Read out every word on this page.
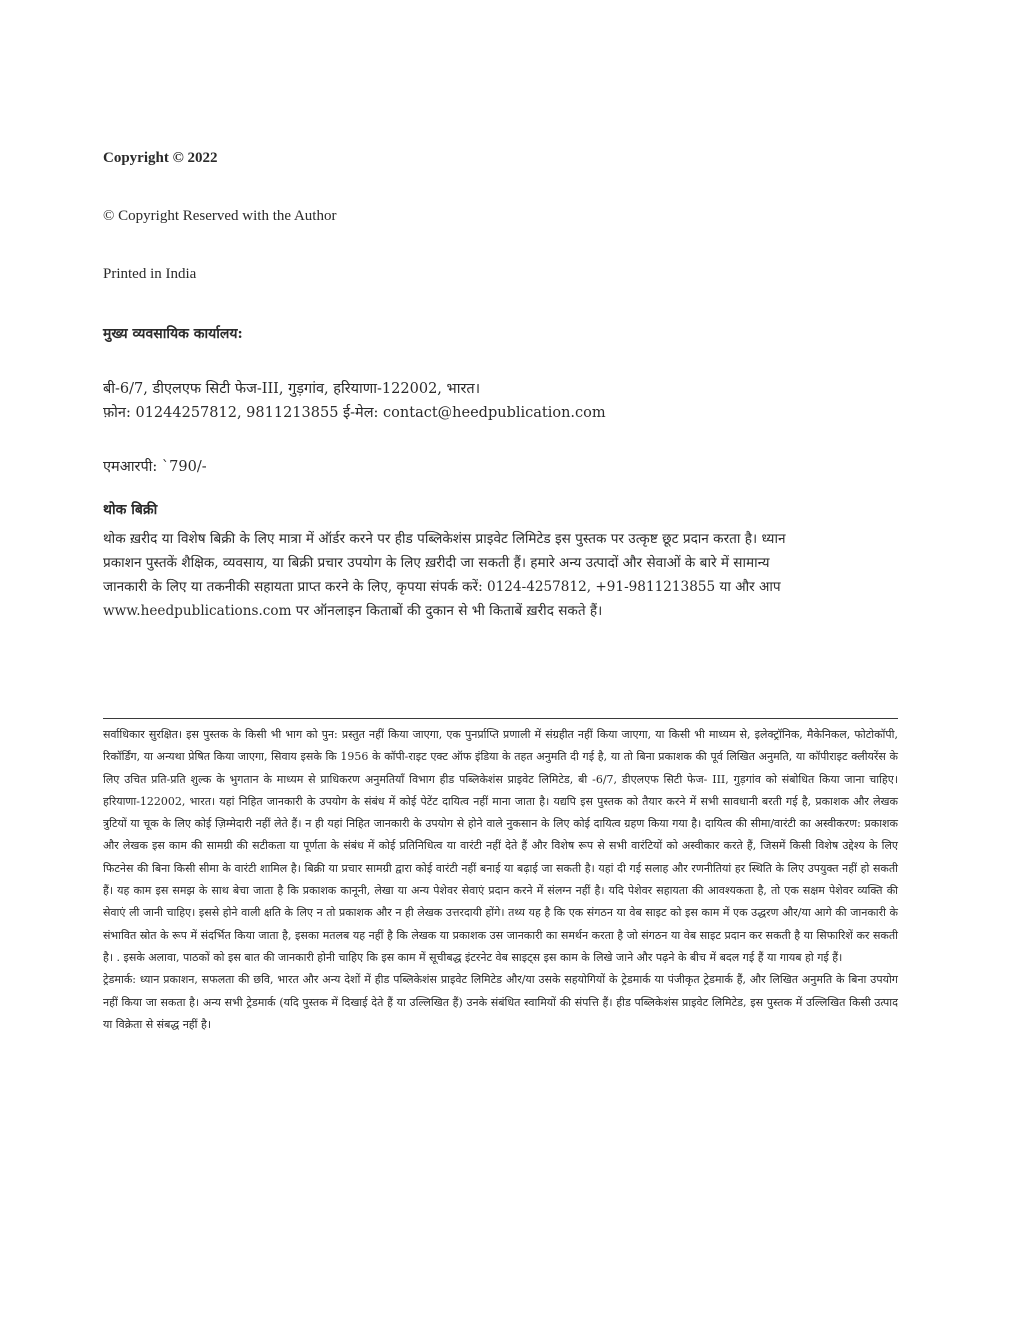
Copyright © 2022
© Copyright Reserved with the Author
Printed in India
मुख्य व्यवसायिक कार्यालय:
बी-6/7, डीएलएफ सिटी फेज-III, गुड़गांव, हरियाणा-122002, भारत।
फ़ोन: 01244257812, 9811213855 ई-मेल: contact@heedpublication.com
एमआरपी: `790/-
थोक बिक्री
थोक ख़रीद या विशेष बिक्री के लिए मात्रा में ऑर्डर करने पर हीड पब्लिकेशंस प्राइवेट लिमिटेड इस पुस्तक पर उत्कृष्ट छूट प्रदान करता है। ध्यान
प्रकाशन पुस्तकें शैक्षिक, व्यवसाय, या बिक्री प्रचार उपयोग के लिए ख़रीदी जा सकती हैं। हमारे अन्य उत्पादों और सेवाओं के बारे में सामान्य
जानकारी के लिए या तकनीकी सहायता प्राप्त करने के लिए, कृपया संपर्क करें: 0124-4257812, +91-9811213855 या और आप
www.heedpublications.com पर ऑनलाइन किताबों की दुकान से भी किताबें ख़रीद सकते हैं।

सर्वाधिकार सुरक्षित। इस पुस्तक के किसी भी भाग को पुन: प्रस्तुत नहीं किया जाएगा, एक पुनर्प्राप्ति प्रणाली में संग्रहीत नहीं किया जाएगा, या किसी भी माध्यम से, इलेक्ट्रॉनिक, मैकेनिकल, फोटोकॉपी, रिकॉर्डिंग, या अन्यथा प्रेषित किया जाएगा, सिवाय इसके कि 1956 के कॉपी-राइट एक्ट ऑफ इंडिया के तहत अनुमति दी गई है, या तो बिना प्रकाशक की पूर्व लिखित अनुमति, या कॉपीराइट क्लीयरेंस के लिए उचित प्रति-प्रति शुल्क के भुगतान के माध्यम से प्राधिकरण अनुमतियाँ विभाग हीड पब्लिकेशंस प्राइवेट लिमिटेड, बी -6/7, डीएलएफ सिटी फेज- III, गुड़गांव को संबोधित किया जाना चाहिए। हरियाणा-122002, भारत। यहां निहित जानकारी के उपयोग के संबंध में कोई पेटेंट दायित्व नहीं माना जाता है। यद्यपि इस पुस्तक को तैयार करने में सभी सावधानी बरती गई है, प्रकाशक और लेखक त्रुटियों या चूक के लिए कोई ज़िम्मेदारी नहीं लेते हैं। न ही यहां निहित जानकारी के उपयोग से होने वाले नुकसान के लिए कोई दायित्व ग्रहण किया गया है। दायित्व की सीमा/वारंटी का अस्वीकरण: प्रकाशक और लेखक इस काम की सामग्री की सटीकता या पूर्णता के संबंध में कोई प्रतिनिधित्व या वारंटी नहीं देते हैं और विशेष रूप से सभी वारंटियों को अस्वीकार करते हैं, जिसमें किसी विशेष उद्देश्य के लिए फिटनेस की बिना किसी सीमा के वारंटी शामिल है। बिक्री या प्रचार सामग्री द्वारा कोई वारंटी नहीं बनाई या बढ़ाई जा सकती है। यहां दी गई सलाह और रणनीतियां हर स्थिति के लिए उपयुक्त नहीं हो सकती हैं। यह काम इस समझ के साथ बेचा जाता है कि प्रकाशक कानूनी, लेखा या अन्य पेशेवर सेवाएं प्रदान करने में संलग्न नहीं है। यदि पेशेवर सहायता की आवश्यकता है, तो एक सक्षम पेशेवर व्यक्ति की सेवाएं ली जानी चाहिए। इससे होने वाली क्षति के लिए न तो प्रकाशक और न ही लेखक उत्तरदायी होंगे। तथ्य यह है कि एक संगठन या वेब साइट को इस काम में एक उद्धरण और/या आगे की जानकारी के संभावित स्रोत के रूप में संदर्भित किया जाता है, इसका मतलब यह नहीं है कि लेखक या प्रकाशक उस जानकारी का समर्थन करता है जो संगठन या वेब साइट प्रदान कर सकती है या सिफारिशें कर सकती है। . इसके अलावा, पाठकों को इस बात की जानकारी होनी चाहिए कि इस काम में सूचीबद्ध इंटरनेट वेब साइट्स इस काम के लिखे जाने और पढ़ने के बीच में बदल गई हैं या गायब हो गई हैं।

ट्रेडमार्क: ध्यान प्रकाशन, सफलता की छवि, भारत और अन्य देशों में हीड पब्लिकेशंस प्राइवेट लिमिटेड और/या उसके सहयोगियों के ट्रेडमार्क या पंजीकृत ट्रेडमार्क हैं, और लिखित अनुमति के बिना उपयोग नहीं किया जा सकता है। अन्य सभी ट्रेडमार्क (यदि पुस्तक में दिखाई देते हैं या उल्लिखित हैं) उनके संबंधित स्वामियों की संपत्ति हैं। हीड पब्लिकेशंस प्राइवेट लिमिटेड, इस पुस्तक में उल्लिखित किसी उत्पाद या विक्रेता से संबद्ध नहीं है।
